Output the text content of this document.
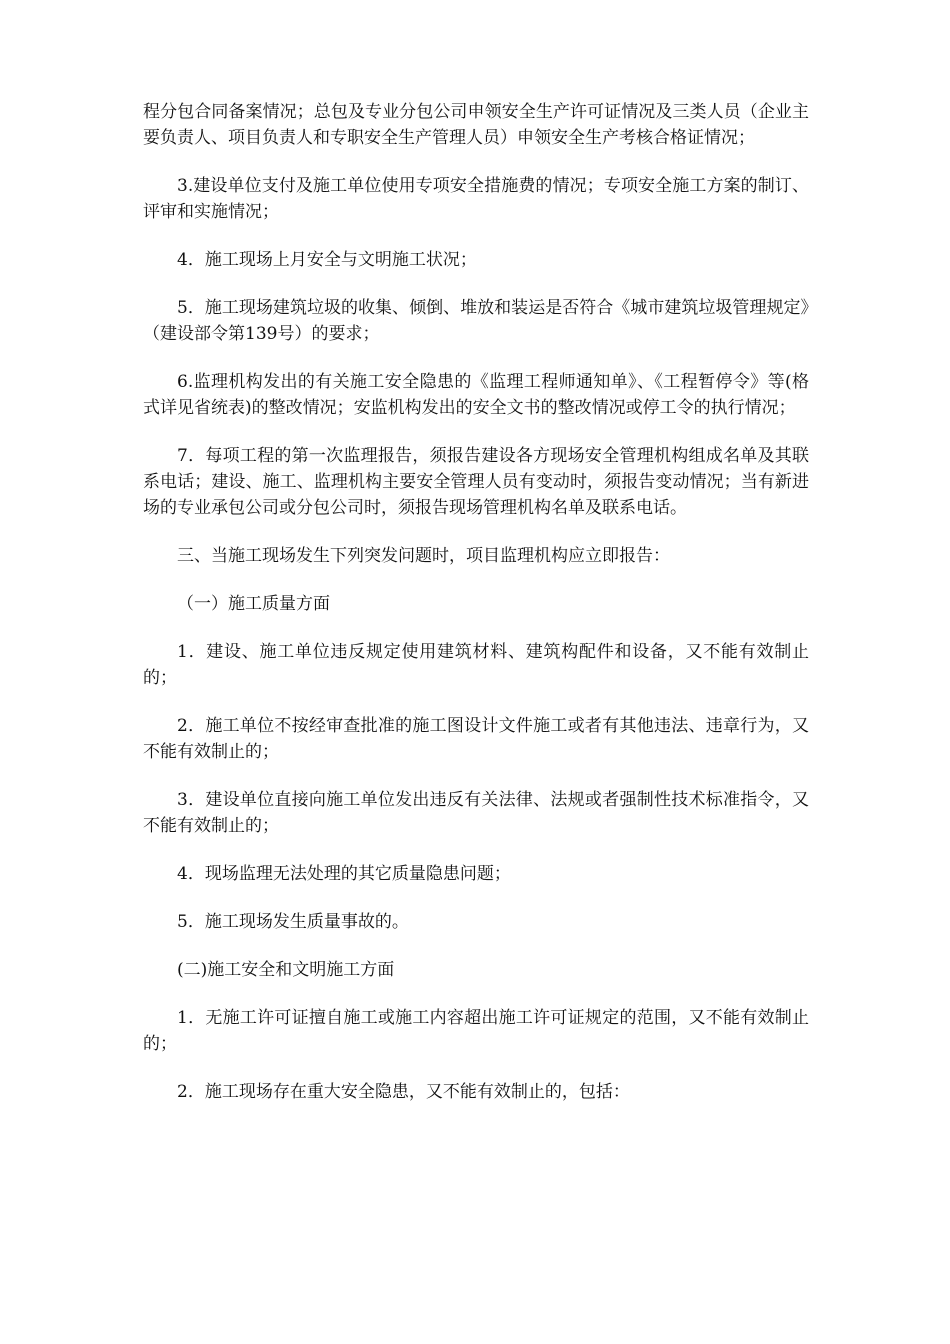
程分包合同备案情况；总包及专业分包公司申领安全生产许可证情况及三类人员（企业主要负责人、项目负责人和专职安全生产管理人员）申领安全生产考核合格证情况；

3.建设单位支付及施工单位使用专项安全措施费的情况；专项安全施工方案的制订、评审和实施情况；

4．施工现场上月安全与文明施工状况；

5．施工现场建筑垃圾的收集、倾倒、堆放和装运是否符合《城市建筑垃圾管理规定》（建设部令第139号）的要求；

6.监理机构发出的有关施工安全隐患的《监理工程师通知单》、《工程暂停令》等(格式详见省统表)的整改情况；安监机构发出的安全文书的整改情况或停工令的执行情况；

7．每项工程的第一次监理报告，须报告建设各方现场安全管理机构组成名单及其联系电话；建设、施工、监理机构主要安全管理人员有变动时，须报告变动情况；当有新进场的专业承包公司或分包公司时，须报告现场管理机构名单及联系电话。

三、当施工现场发生下列突发问题时，项目监理机构应立即报告：

（一）施工质量方面

1．建设、施工单位违反规定使用建筑材料、建筑构配件和设备，又不能有效制止的；

2．施工单位不按经审查批准的施工图设计文件施工或者有其他违法、违章行为，又不能有效制止的；

3．建设单位直接向施工单位发出违反有关法律、法规或者强制性技术标准指令，又不能有效制止的；

4．现场监理无法处理的其它质量隐患问题；

5．施工现场发生质量事故的。

(二)施工安全和文明施工方面

1．无施工许可证擅自施工或施工内容超出施工许可证规定的范围，又不能有效制止的；

2．施工现场存在重大安全隐患，又不能有效制止的，包括：
